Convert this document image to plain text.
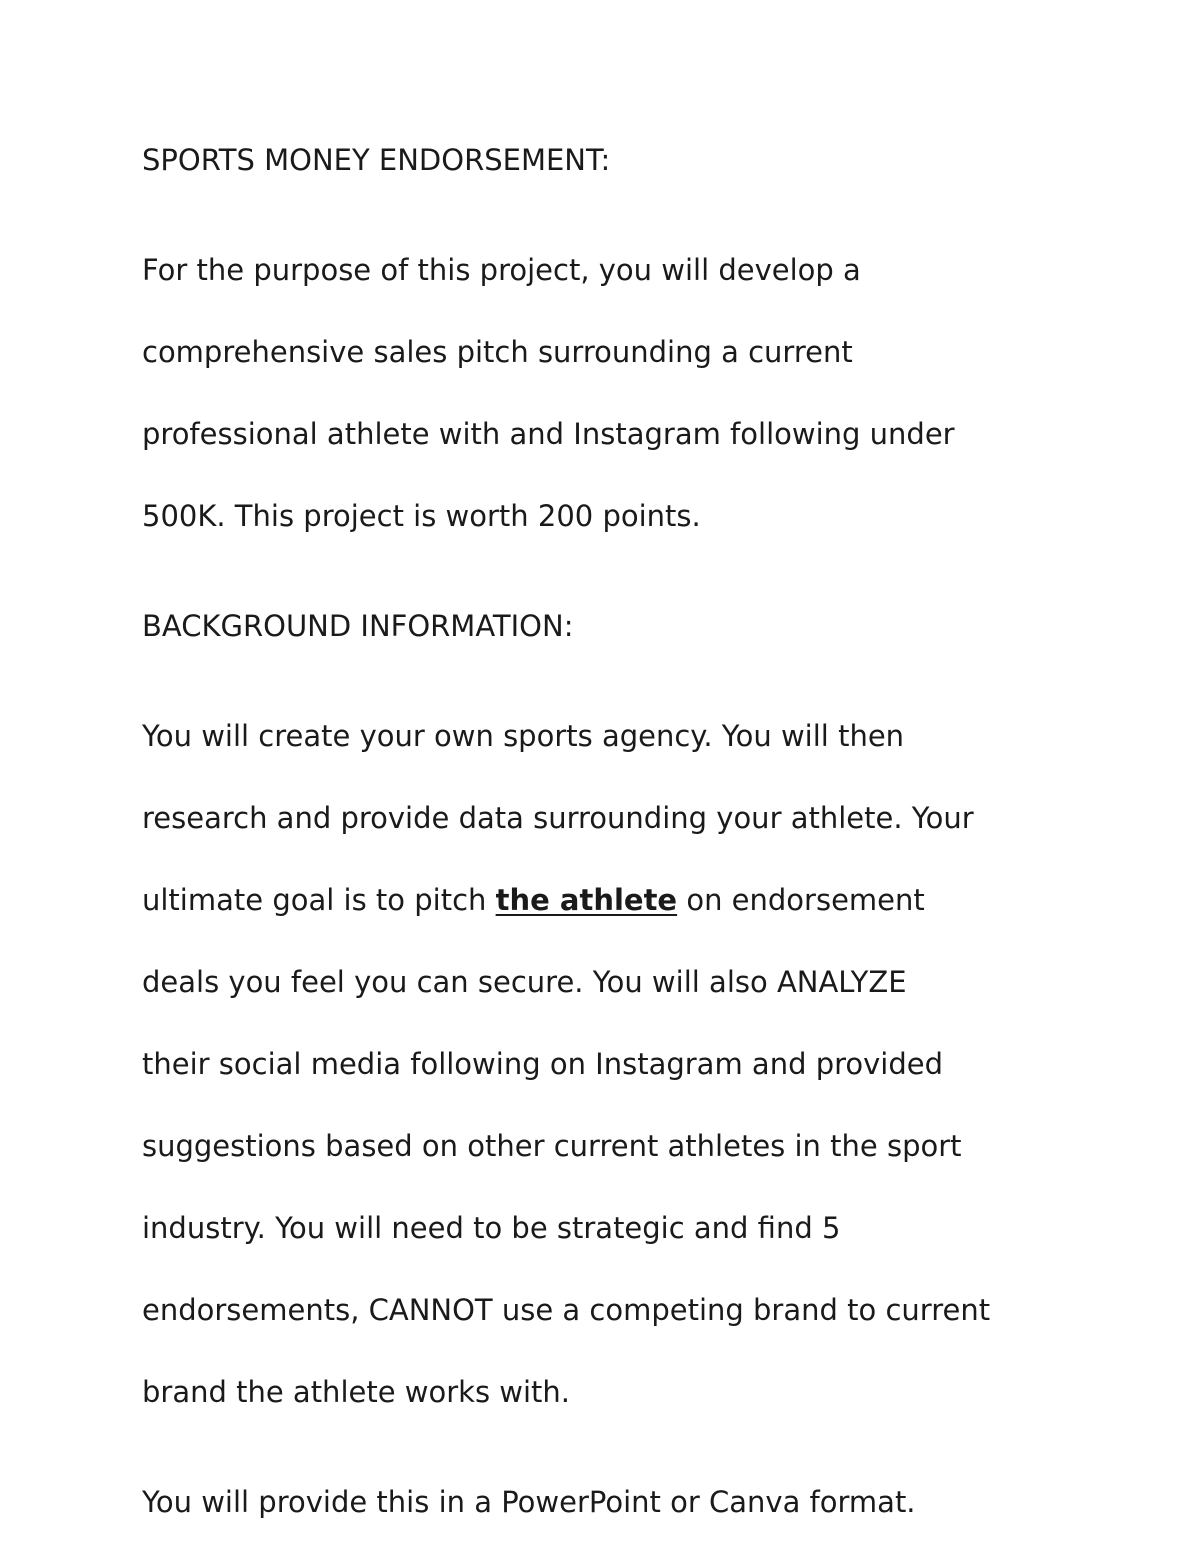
SPORTS MONEY ENDORSEMENT:

For the purpose of this project, you will develop a

comprehensive sales pitch surrounding a current

professional athlete with and Instagram following under

500K. This project is worth 200 points.

BACKGROUND INFORMATION:

You will create your own sports agency. You will then

research and provide data surrounding your athlete. Your

ultimate goal is to pitch the athlete on endorsement

deals you feel you can secure. You will also ANALYZE

their social media following on Instagram and provided

suggestions based on other current athletes in the sport

industry. You will need to be strategic and find 5

endorsements, CANNOT use a competing brand to current

brand the athlete works with.

You will provide this in a PowerPoint or Canva format.
